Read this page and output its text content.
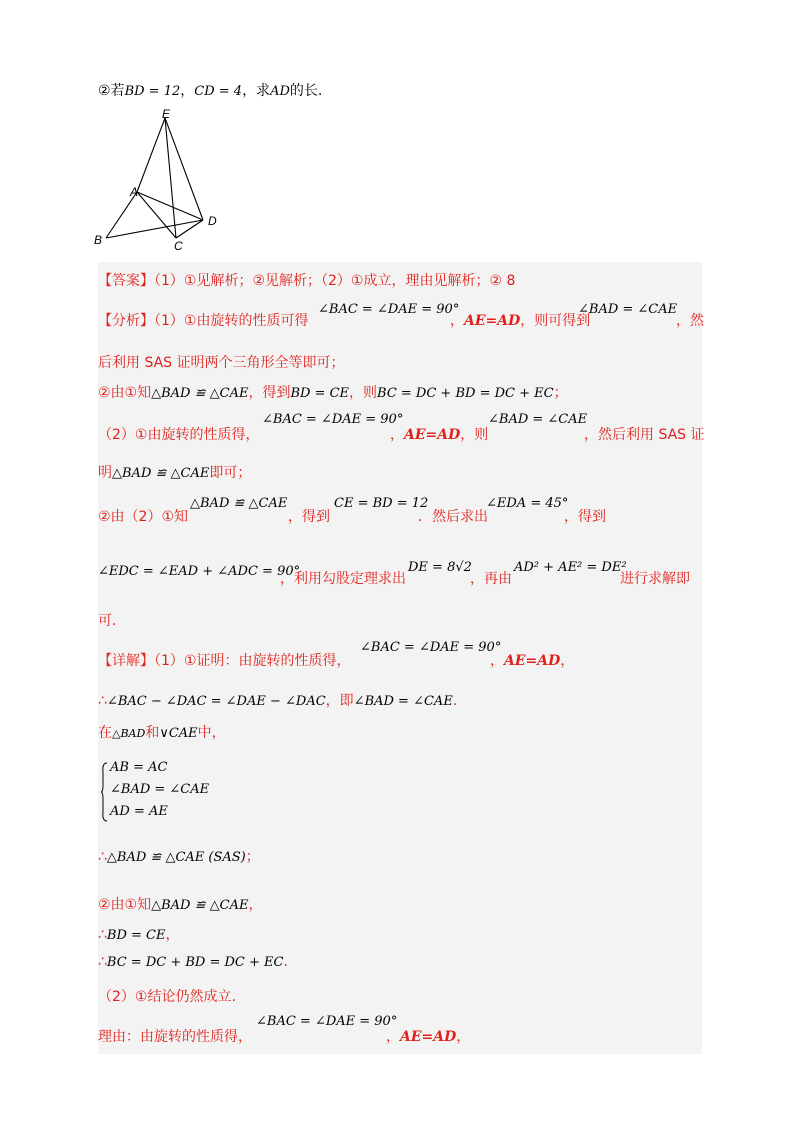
②若BD = 12，CD = 4，求AD的长.
E
A
D
B	C
【答案】（1）①见解析；②见解析；（2）①成立，理由见解析；② 8
【分析】（1）①由旋转的性质可得
∠BAC = ∠DAE = 90°
，AE=AD，则可得到
∠BAD = ∠CAE
，然
后利用 SAS 证明两个三角形全等即可；
②由①知△BAD ≌ △CAE，得到BD = CE，则BC = DC + BD = DC + EC；
（2）①由旋转的性质得，
∠BAC = ∠DAE = 90°
，AE=AD，则
∠BAD = ∠CAE
，然后利用 SAS 证
明△BAD ≌ △CAE即可；
②由（2）①知
△BAD ≌ △CAE
，得到
CE = BD = 12
．然后求出
∠EDA = 45°
，得到
∠EDC = ∠EAD + ∠ADC = 90°
，利用勾股定理求出
DE = 8√2
，再由
AD² + AE² = DE²
进行求解即
可.
【详解】（1）①证明：由旋转的性质得，
∠BAC = ∠DAE = 90°
，AE=AD，
∴∠BAC − ∠DAC = ∠DAE − ∠DAC，即∠BAD = ∠CAE.
在△BAD和∨CAE中，
AB = AC
∠BAD = ∠CAE
AD = AE
∴△BAD ≌ △CAE (SAS)；
②由①知△BAD ≌ △CAE，
∴BD = CE，
∴BC = DC + BD = DC + EC.
（2）①结论仍然成立.
理由：由旋转的性质得，
∠BAC = ∠DAE = 90°
，AE=AD，
